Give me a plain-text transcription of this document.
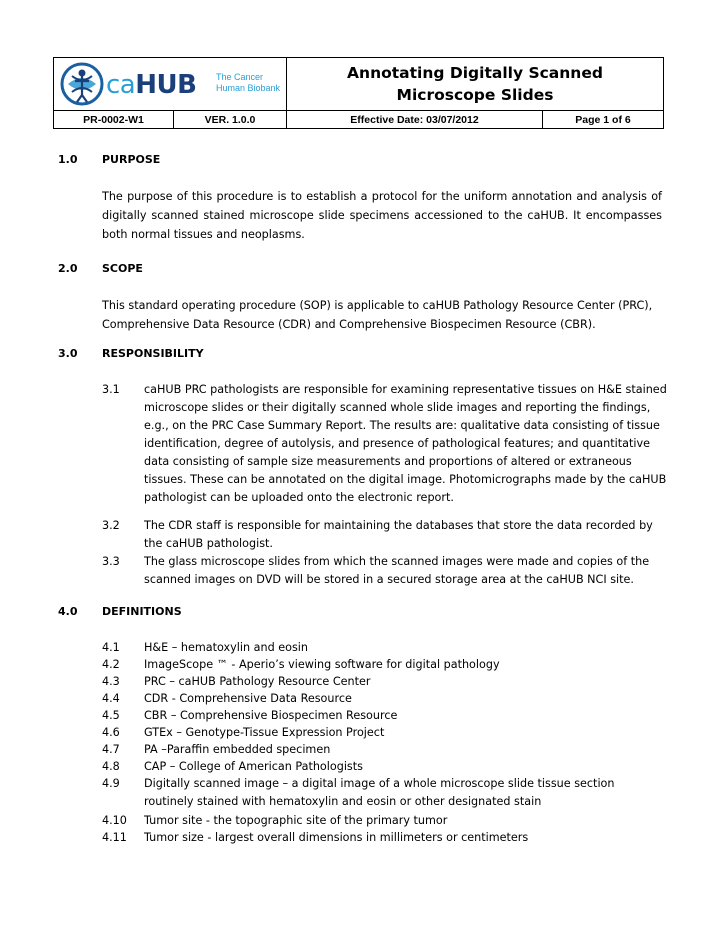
caHUB The Cancer
Human Biobank
Annotating Digitally Scanned Microscope Slides
PR-0002-W1	VER. 1.0.0	Effective Date: 03/07/2012	Page 1 of 6
1.0 PURPOSE
The purpose of this procedure is to establish a protocol for the uniform annotation and analysis of digitally scanned stained microscope slide specimens accessioned to the caHUB. It encompasses both normal tissues and neoplasms.
2.0 SCOPE
This standard operating procedure (SOP) is applicable to caHUB Pathology Resource Center (PRC), Comprehensive Data Resource (CDR) and Comprehensive Biospecimen Resource (CBR).
3.0 RESPONSIBILITY
3.1 caHUB PRC pathologists are responsible for examining representative tissues on H&E stained microscope slides or their digitally scanned whole slide images and reporting the findings, e.g., on the PRC Case Summary Report. The results are: qualitative data consisting of tissue identification, degree of autolysis, and presence of pathological features; and quantitative data consisting of sample size measurements and proportions of altered or extraneous tissues. These can be annotated on the digital image. Photomicrographs made by the caHUB pathologist can be uploaded onto the electronic report.
3.2 The CDR staff is responsible for maintaining the databases that store the data recorded by the caHUB pathologist.
3.3 The glass microscope slides from which the scanned images were made and copies of the scanned images on DVD will be stored in a secured storage area at the caHUB NCI site.
4.0 DEFINITIONS
4.1 H&E – hematoxylin and eosin
4.2 ImageScope ™ - Aperio’s viewing software for digital pathology
4.3 PRC – caHUB Pathology Resource Center
4.4 CDR - Comprehensive Data Resource
4.5 CBR – Comprehensive Biospecimen Resource
4.6 GTEx – Genotype-Tissue Expression Project
4.7 PA –Paraffin embedded specimen
4.8 CAP – College of American Pathologists
4.9 Digitally scanned image – a digital image of a whole microscope slide tissue section routinely stained with hematoxylin and eosin or other designated stain
4.10 Tumor site - the topographic site of the primary tumor
4.11 Tumor size - largest overall dimensions in millimeters or centimeters
